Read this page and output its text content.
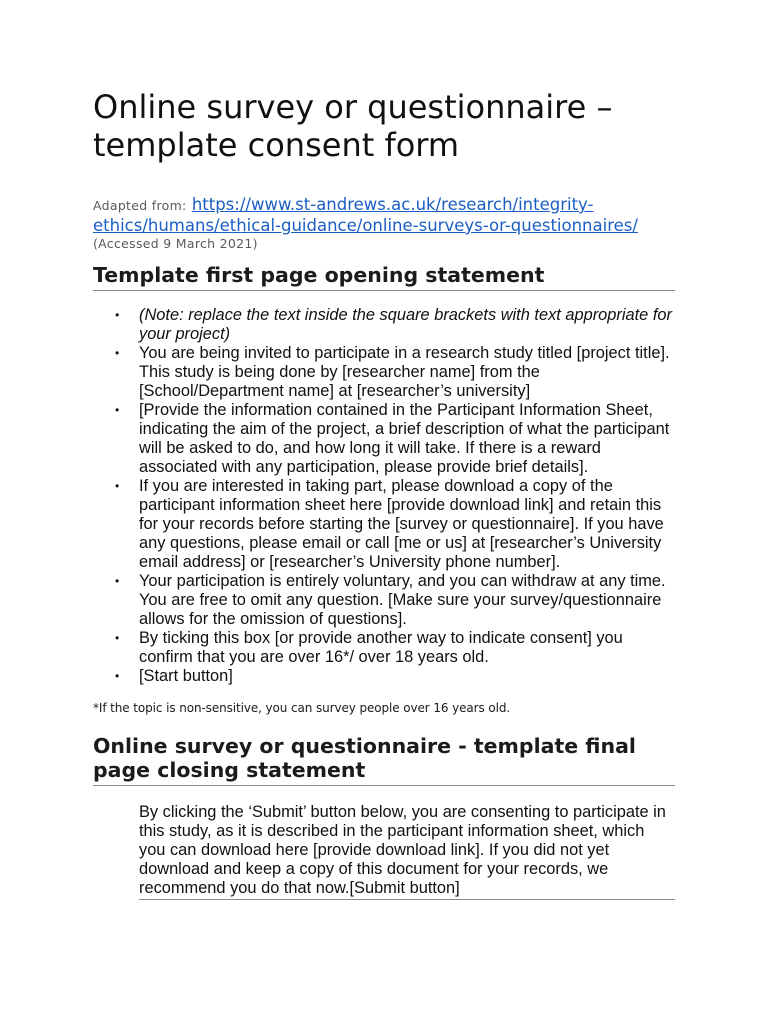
Online survey or questionnaire – template consent form
Adapted from: https://www.st-andrews.ac.uk/research/integrity-ethics/humans/ethical-guidance/online-surveys-or-questionnaires/
(Accessed 9 March 2021)
Template first page opening statement
• (Note: replace the text inside the square brackets with text appropriate for your project)
• You are being invited to participate in a research study titled [project title]. This study is being done by [researcher name] from the [School/Department name] at [researcher’s university]
• [Provide the information contained in the Participant Information Sheet, indicating the aim of the project, a brief description of what the participant will be asked to do, and how long it will take. If there is a reward associated with any participation, please provide brief details].
• If you are interested in taking part, please download a copy of the participant information sheet here [provide download link] and retain this for your records before starting the [survey or questionnaire]. If you have any questions, please email or call [me or us] at [researcher’s University email address] or [researcher’s University phone number].
• Your participation is entirely voluntary, and you can withdraw at any time. You are free to omit any question. [Make sure your survey/questionnaire allows for the omission of questions].
• By ticking this box [or provide another way to indicate consent] you confirm that you are over 16*/ over 18 years old.
• [Start button]
*If the topic is non-sensitive, you can survey people over 16 years old.
Online survey or questionnaire - template final page closing statement
By clicking the ‘Submit’ button below, you are consenting to participate in this study, as it is described in the participant information sheet, which you can download here [provide download link]. If you did not yet download and keep a copy of this document for your records, we recommend you do that now.[Submit button]
